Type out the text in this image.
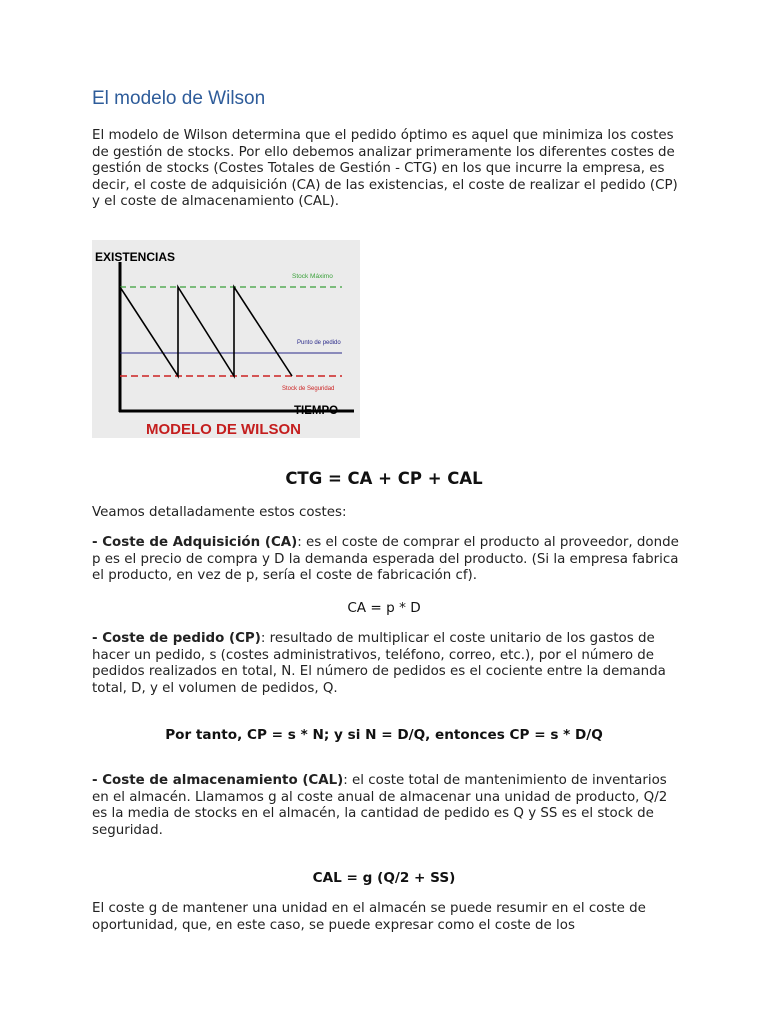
El modelo de Wilson

El modelo de Wilson determina que el pedido óptimo es aquel que minimiza los costes de gestión de stocks. Por ello debemos analizar primeramente los diferentes costes de gestión de stocks (Costes Totales de Gestión - CTG) en los que incurre la empresa, es decir, el coste de adquisición (CA) de las existencias, el coste de realizar el pedido (CP) y el coste de almacenamiento (CAL).

EXISTENCIAS
Stock Máximo
Punto de pedido
Stock de Seguridad
TIEMPO
MODELO DE WILSON

CTG = CA + CP + CAL

Veamos detalladamente estos costes:

- Coste de Adquisición (CA): es el coste de comprar el producto al proveedor, donde p es el precio de compra y D la demanda esperada del producto. (Si la empresa fabrica el producto, en vez de p, sería el coste de fabricación cf).

CA = p * D

- Coste de pedido (CP): resultado de multiplicar el coste unitario de los gastos de hacer un pedido, s (costes administrativos, teléfono, correo, etc.), por el número de pedidos realizados en total, N. El número de pedidos es el cociente entre la demanda total, D, y el volumen de pedidos, Q.

Por tanto, CP = s * N; y si N = D/Q, entonces CP = s * D/Q

- Coste de almacenamiento (CAL): el coste total de mantenimiento de inventarios en el almacén. Llamamos g al coste anual de almacenar una unidad de producto, Q/2 es la media de stocks en el almacén, la cantidad de pedido es Q y SS es el stock de seguridad.

CAL = g (Q/2 + SS)

El coste g de mantener una unidad en el almacén se puede resumir en el coste de oportunidad, que, en este caso, se puede expresar como el coste de los
